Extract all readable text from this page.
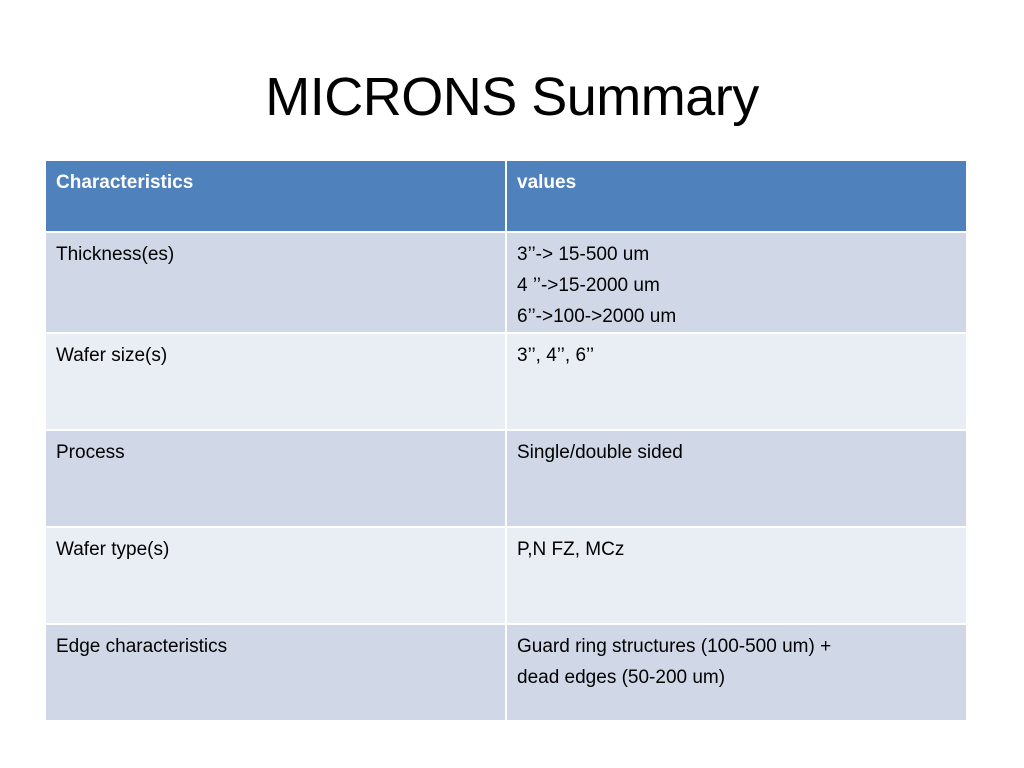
MICRONS Summary
Characteristics	values
Thickness(es)	3’’-> 15-500 um
4 ’’->15-2000 um
6’’->100->2000 um

Wafer size(s)	3’’, 4’’, 6’’

Process	Single/double sided

Wafer type(s)	P,N FZ, MCz

Edge characteristics	Guard ring structures (100-500 um) +
dead edges (50-200 um)
